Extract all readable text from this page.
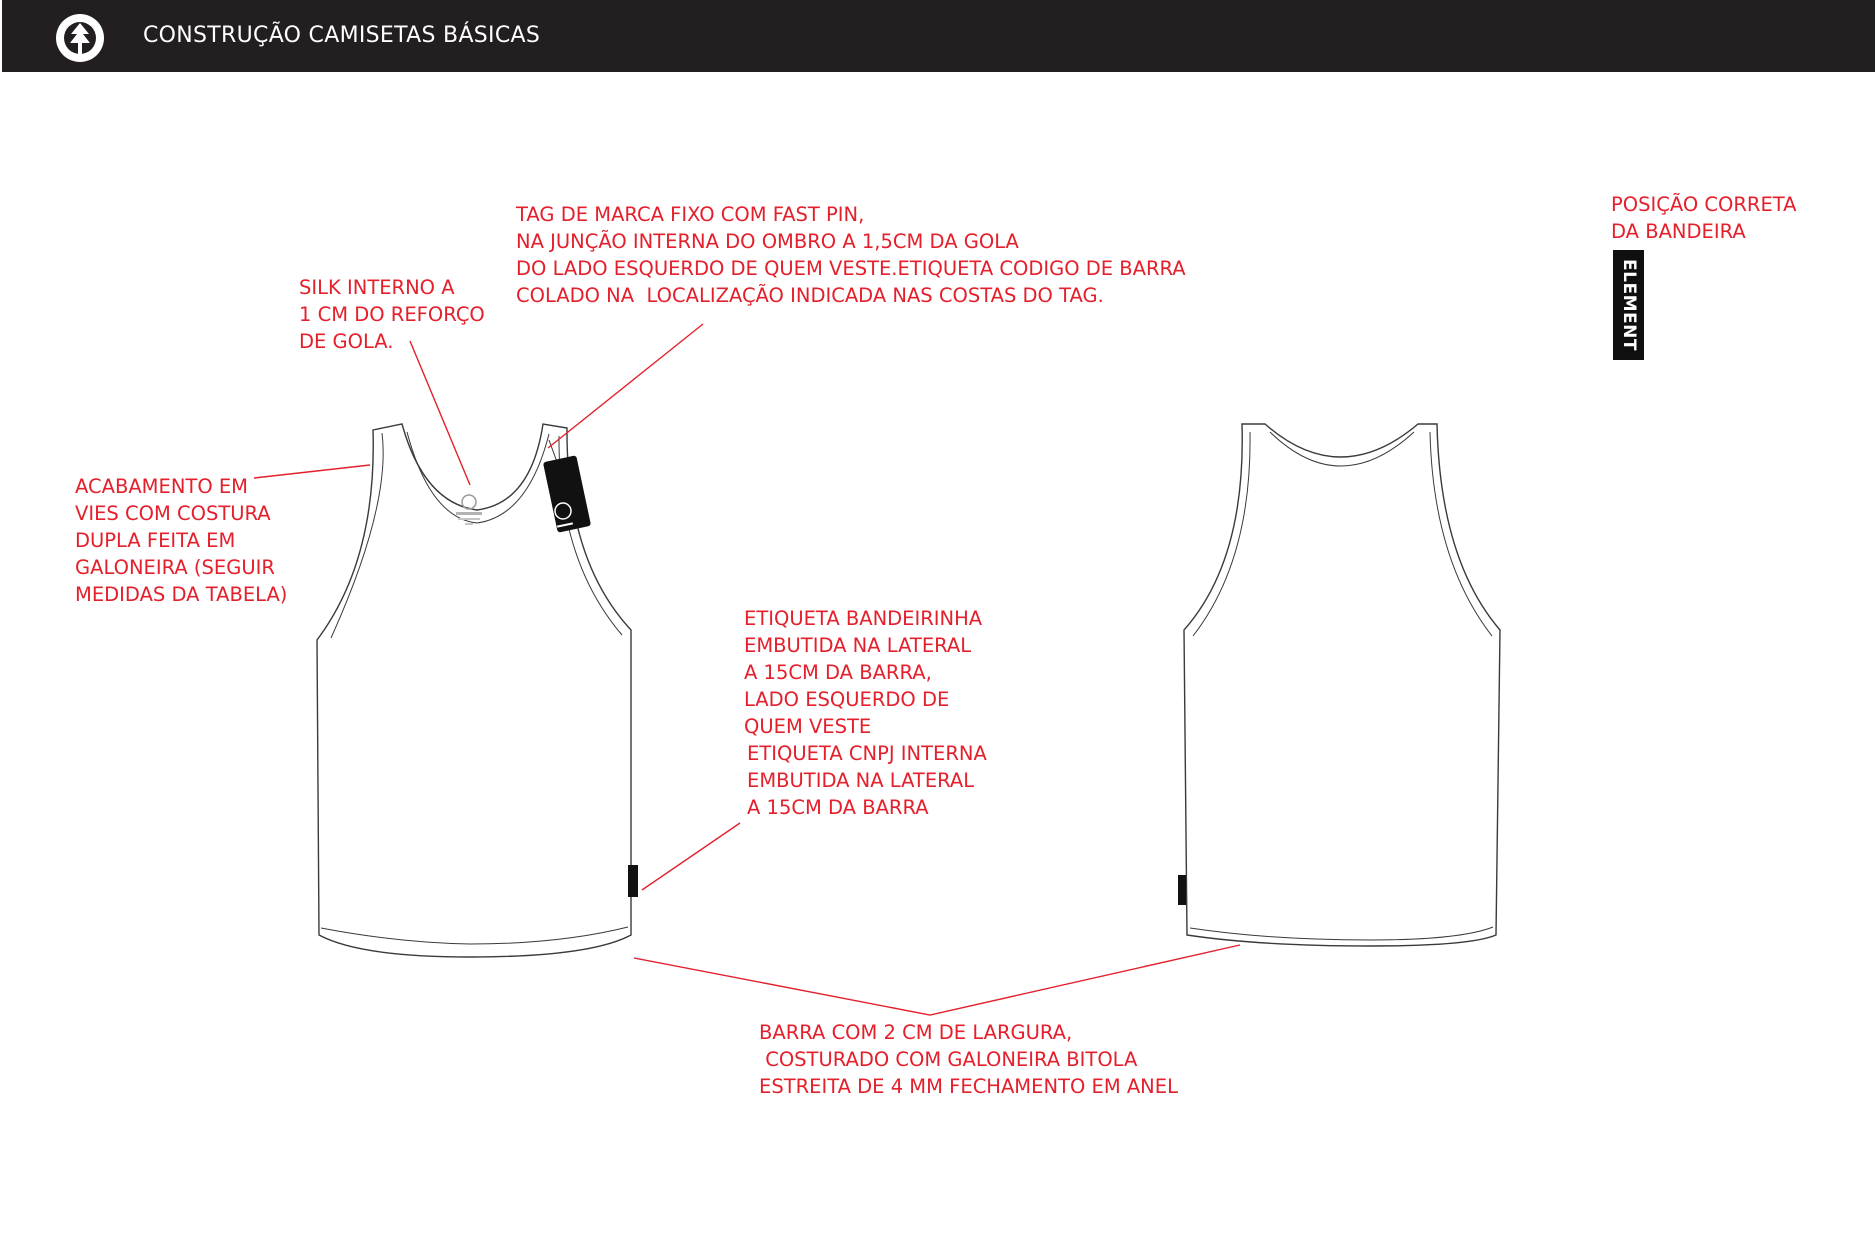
CONSTRUÇÃO CAMISETAS BÁSICAS
TAG DE MARCA FIXO COM FAST PIN,
NA JUNÇÃO INTERNA DO OMBRO A 1,5CM DA GOLA
DO LADO ESQUERDO DE QUEM VESTE.ETIQUETA CODIGO DE BARRA
COLADO NA  LOCALIZAÇÃO INDICADA NAS COSTAS DO TAG.
SILK INTERNO A
1 CM DO REFORÇO
DE GOLA.
ACABAMENTO EM
VIES COM COSTURA
DUPLA FEITA EM
GALONEIRA (SEGUIR
MEDIDAS DA TABELA)
ETIQUETA BANDEIRINHA
EMBUTIDA NA LATERAL
A 15CM DA BARRA,
LADO ESQUERDO DE
QUEM VESTE
ETIQUETA CNPJ INTERNA
EMBUTIDA NA LATERAL
A 15CM DA BARRA
BARRA COM 2 CM DE LARGURA,
COSTURADO COM GALONEIRA BITOLA
ESTREITA DE 4 MM FECHAMENTO EM ANEL
POSIÇÃO CORRETA
DA BANDEIRA
ELEMENT
